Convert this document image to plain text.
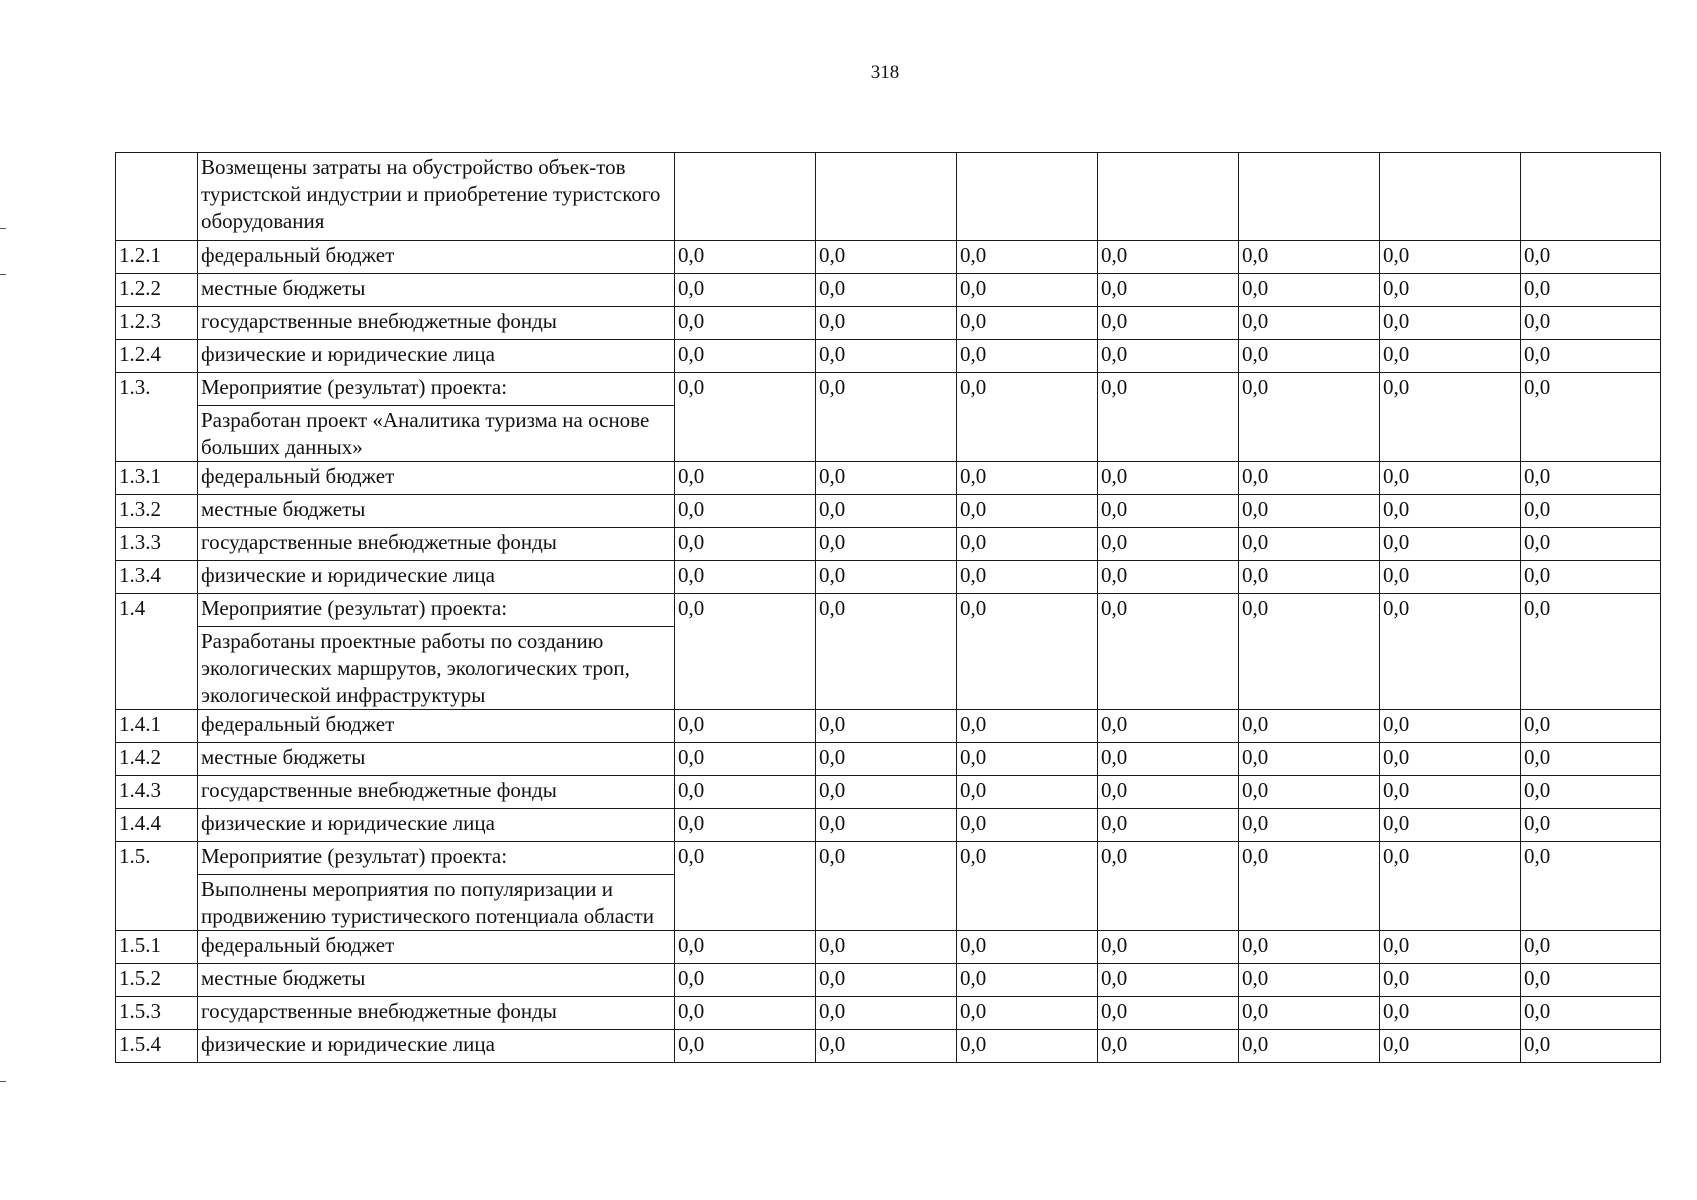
318
	Возмещены затраты на обустройство объек-тов туристской индустрии и приобретение туристского оборудования							
1.2.1	федеральный бюджет	0,0	0,0	0,0	0,0	0,0	0,0	0,0
1.2.2	местные бюджеты	0,0	0,0	0,0	0,0	0,0	0,0	0,0
1.2.3	государственные внебюджетные фонды	0,0	0,0	0,0	0,0	0,0	0,0	0,0
1.2.4	физические и юридические лица	0,0	0,0	0,0	0,0	0,0	0,0	0,0
1.3.	Мероприятие (результат) проекта:	0,0	0,0	0,0	0,0	0,0	0,0	0,0
	Разработан проект «Аналитика туризма на основе больших данных»							
1.3.1	федеральный бюджет	0,0	0,0	0,0	0,0	0,0	0,0	0,0
1.3.2	местные бюджеты	0,0	0,0	0,0	0,0	0,0	0,0	0,0
1.3.3	государственные внебюджетные фонды	0,0	0,0	0,0	0,0	0,0	0,0	0,0
1.3.4	физические и юридические лица	0,0	0,0	0,0	0,0	0,0	0,0	0,0
1.4	Мероприятие (результат) проекта:	0,0	0,0	0,0	0,0	0,0	0,0	0,0
	Разработаны проектные работы по созданию экологических маршрутов, экологических троп, экологической инфраструктуры							
1.4.1	федеральный бюджет	0,0	0,0	0,0	0,0	0,0	0,0	0,0
1.4.2	местные бюджеты	0,0	0,0	0,0	0,0	0,0	0,0	0,0
1.4.3	государственные внебюджетные фонды	0,0	0,0	0,0	0,0	0,0	0,0	0,0
1.4.4	физические и юридические лица	0,0	0,0	0,0	0,0	0,0	0,0	0,0
1.5.	Мероприятие (результат) проекта:	0,0	0,0	0,0	0,0	0,0	0,0	0,0
	Выполнены мероприятия по популяризации и продвижению туристического потенциала области							
1.5.1	федеральный бюджет	0,0	0,0	0,0	0,0	0,0	0,0	0,0
1.5.2	местные бюджеты	0,0	0,0	0,0	0,0	0,0	0,0	0,0
1.5.3	государственные внебюджетные фонды	0,0	0,0	0,0	0,0	0,0	0,0	0,0
1.5.4	физические и юридические лица	0,0	0,0	0,0	0,0	0,0	0,0	0,0
